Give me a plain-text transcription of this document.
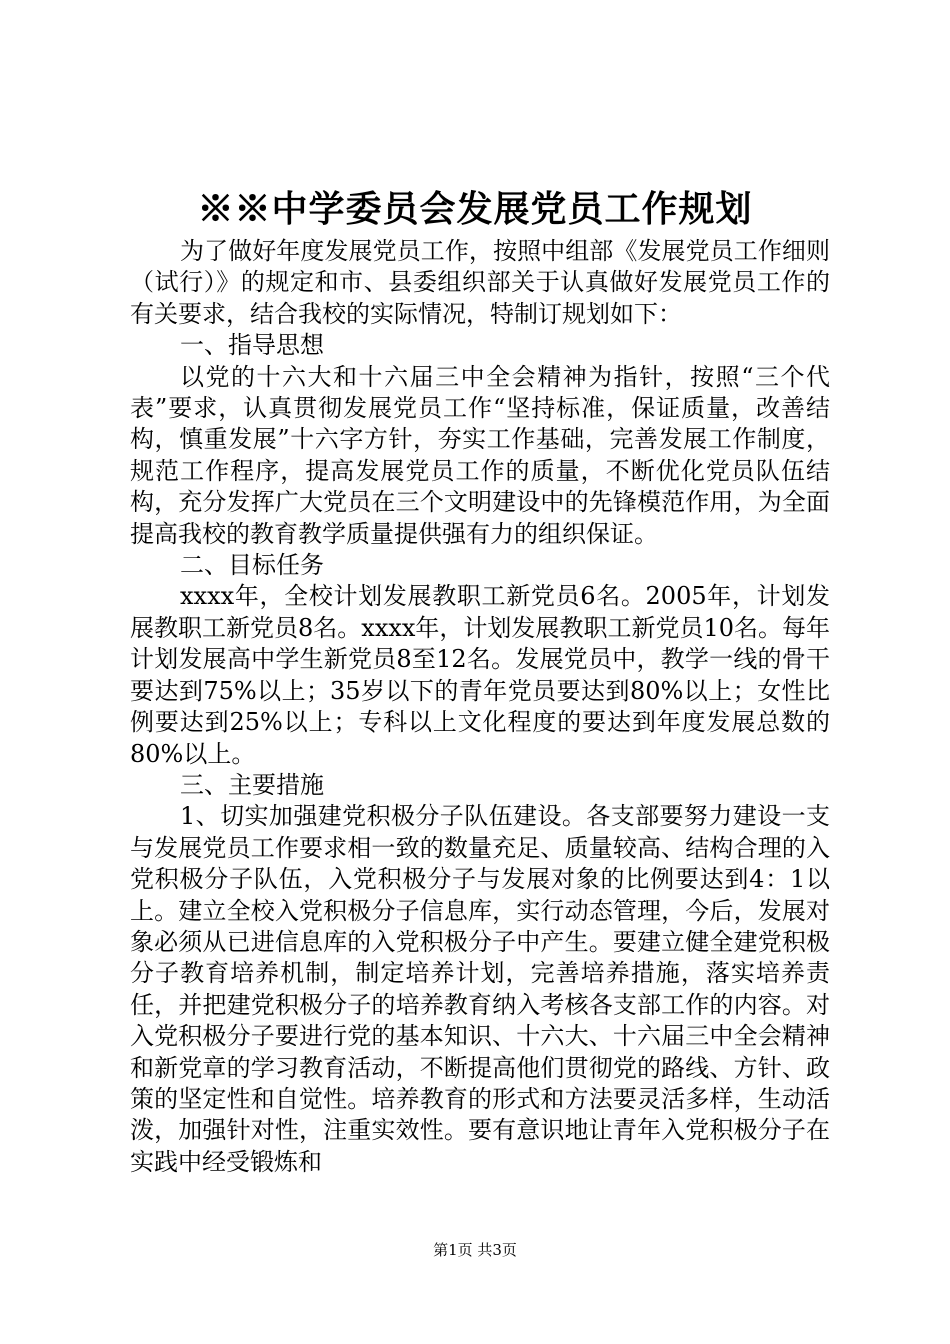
※※中学委员会发展党员工作规划

为了做好年度发展党员工作，按照中组部《发展党员工作细则（试行）》的规定和市、县委组织部关于认真做好发展党员工作的有关要求，结合我校的实际情况，特制订规划如下：

一、指导思想

以党的十六大和十六届三中全会精神为指针，按照“三个代表”要求，认真贯彻发展党员工作“坚持标准，保证质量，改善结构，慎重发展”十六字方针，夯实工作基础，完善发展工作制度，规范工作程序，提高发展党员工作的质量，不断优化党员队伍结构，充分发挥广大党员在三个文明建设中的先锋模范作用，为全面提高我校的教育教学质量提供强有力的组织保证。

二、目标任务

xxxx年，全校计划发展教职工新党员6名。2005年，计划发展教职工新党员8名。xxxx年，计划发展教职工新党员10名。每年计划发展高中学生新党员8至12名。发展党员中，教学一线的骨干要达到75%以上；35岁以下的青年党员要达到80%以上；女性比例要达到25%以上；专科以上文化程度的要达到年度发展总数的80%以上。

三、主要措施

1、切实加强建党积极分子队伍建设。各支部要努力建设一支与发展党员工作要求相一致的数量充足、质量较高、结构合理的入党积极分子队伍，入党积极分子与发展对象的比例要达到4：1以上。建立全校入党积极分子信息库，实行动态管理，今后，发展对象必须从已进信息库的入党积极分子中产生。要建立健全建党积极分子教育培养机制，制定培养计划，完善培养措施，落实培养责任，并把建党积极分子的培养教育纳入考核各支部工作的内容。对入党积极分子要进行党的基本知识、十六大、十六届三中全会精神和新党章的学习教育活动，不断提高他们贯彻党的路线、方针、政策的坚定性和自觉性。培养教育的形式和方法要灵活多样，生动活泼，加强针对性，注重实效性。要有意识地让青年入党积极分子在实践中经受锻炼和

第1页 共3页
